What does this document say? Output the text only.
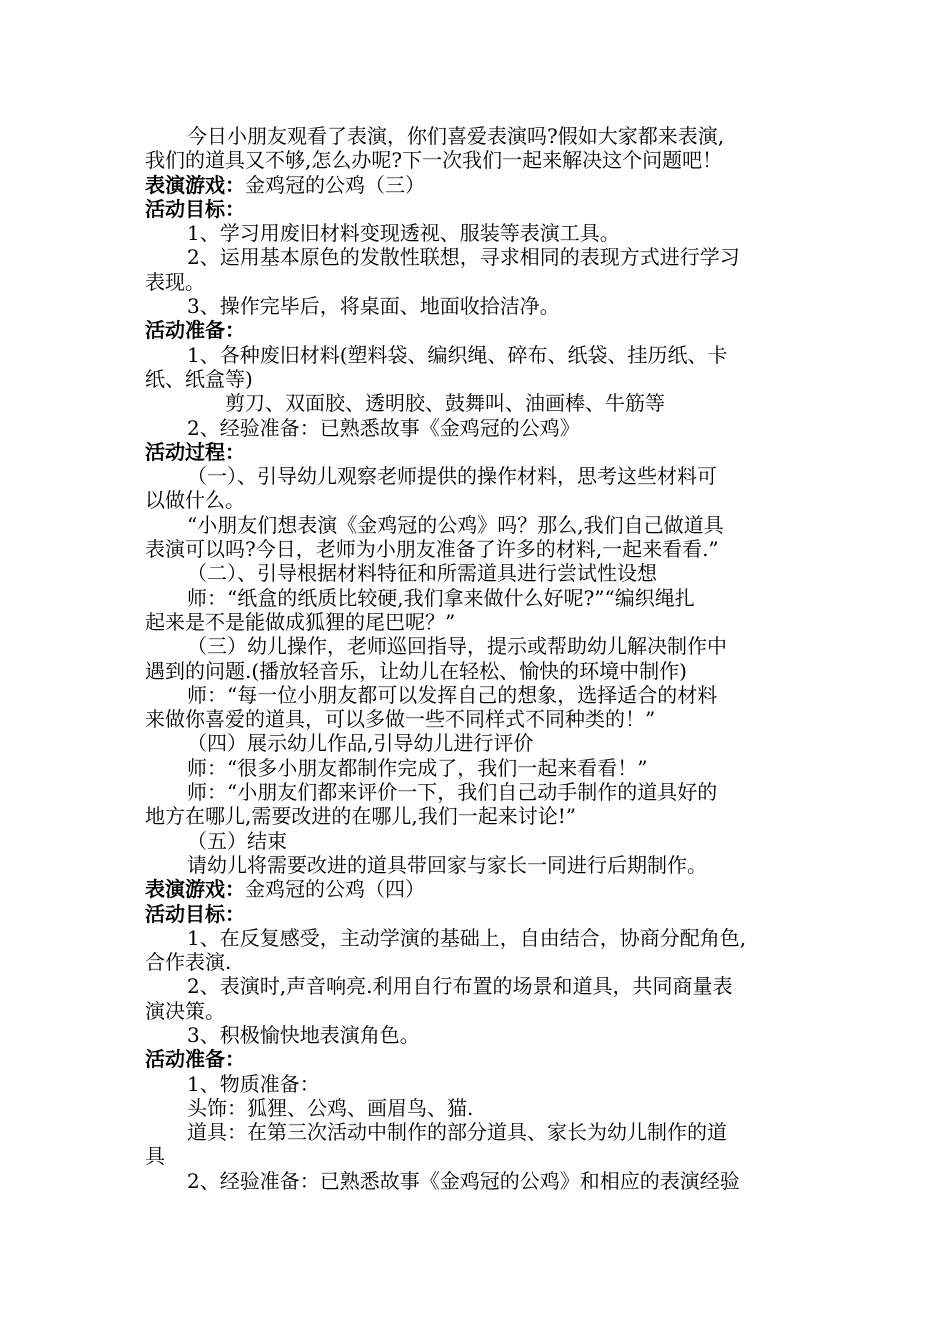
今日小朋友观看了表演，你们喜爱表演吗?假如大家都来表演,
我们的道具又不够,怎么办呢?下一次我们一起来解决这个问题吧！
表演游戏：金鸡冠的公鸡（三）
活动目标：
1、学习用废旧材料变现透视、服装等表演工具。
2、运用基本原色的发散性联想，寻求相同的表现方式进行学习
表现。
3、操作完毕后，将桌面、地面收拾洁净。
活动准备：
1、各种废旧材料(塑料袋、编织绳、碎布、纸袋、挂历纸、卡
纸、纸盒等)
剪刀、双面胶、透明胶、鼓舞叫、油画棒、牛筋等
2、经验准备：已熟悉故事《金鸡冠的公鸡》
活动过程：
（一）、引导幼儿观察老师提供的操作材料，思考这些材料可
以做什么。
“小朋友们想表演《金鸡冠的公鸡》吗？那么,我们自己做道具
表演可以吗?今日，老师为小朋友准备了许多的材料,一起来看看.”
（二）、引导根据材料特征和所需道具进行尝试性设想
师：“纸盒的纸质比较硬,我们拿来做什么好呢?”“编织绳扎
起来是不是能做成狐狸的尾巴呢？”
（三）幼儿操作，老师巡回指导，提示或帮助幼儿解决制作中
遇到的问题.(播放轻音乐，让幼儿在轻松、愉快的环境中制作)
师：“每一位小朋友都可以发挥自己的想象，选择适合的材料
来做你喜爱的道具，可以多做一些不同样式不同种类的！”
（四）展示幼儿作品,引导幼儿进行评价
师：“很多小朋友都制作完成了，我们一起来看看！”
师：“小朋友们都来评价一下，我们自己动手制作的道具好的
地方在哪儿,需要改进的在哪儿,我们一起来讨论!”
（五）结束
请幼儿将需要改进的道具带回家与家长一同进行后期制作。
表演游戏：金鸡冠的公鸡（四）
活动目标：
1、在反复感受，主动学演的基础上，自由结合，协商分配角色,
合作表演.
2、表演时,声音响亮.利用自行布置的场景和道具，共同商量表
演决策。
3、积极愉快地表演角色。
活动准备：
1、物质准备：
头饰：狐狸、公鸡、画眉鸟、猫.
道具：在第三次活动中制作的部分道具、家长为幼儿制作的道
具
2、经验准备：已熟悉故事《金鸡冠的公鸡》和相应的表演经验
